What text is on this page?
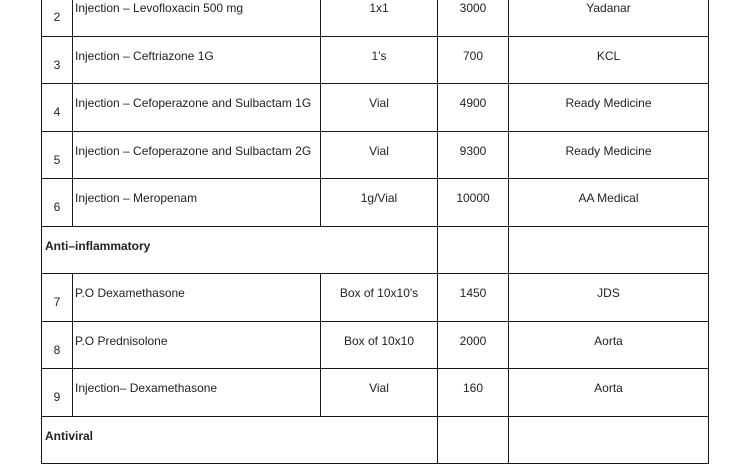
2	Injection – Levofloxacin 500 mg	1x1	3000	Yadanar
3	Injection – Ceftriazone 1G	1's	700	KCL
4	Injection – Cefoperazone and Sulbactam 1G	Vial	4900	Ready Medicine
5	Injection – Cefoperazone and Sulbactam 2G	Vial	9300	Ready Medicine
6	Injection – Meropenam	1g/Vial	10000	AA Medical
Anti–inflammatory				
7	P.O Dexamethasone	Box of 10x10's	1450	JDS
8	P.O Prednisolone	Box of 10x10	2000	Aorta
9	Injection– Dexamethasone	Vial	160	Aorta
Antiviral				
